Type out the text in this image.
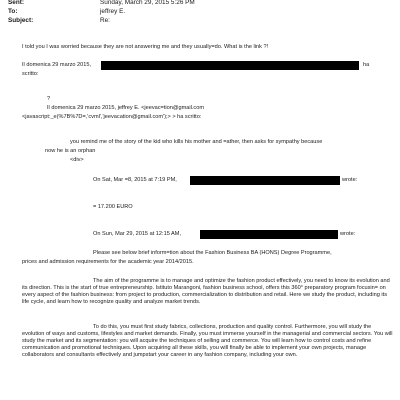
Sent:	Sunday, March 29, 2015 5:26 PM
To:	jeffrey E.
Subject:	Re:
I told you I was worried because they are not answering me and they usually=do. What is the link ?!
Il domenica 29 marzo 2015,	ha
scritto:
?
Il domenica 29 marzo 2015, jeffrey E. <jeevac=tion@gmail.com
<javascript:_e(%7B%7D=,'cvml','jeevacation@gmail.com');> > ha scritto:
you remind me of the story of the kid who kills his mother and =ather, then asks for sympathy because
now he is an orphan
<div>
On Sat, Mar =8, 2015 at 7:19 PM,	wrote:
= 17.200 EURO
On Sun, Mar 29, 2015 at 12:15 AM,	wrote:
Please see below brief inform=tion about the Fashion Business BA (HONS) Degree Programme,
prices and admission requirements for the academic year 2014/2015.
The aim of the programme is to manage and optimize the fashion product effectively, you need to know its evolution and its direction. This is the start of true entrepreneurship. Istituto Marangoni, fashion business school, offers this 360° preparatory program focusin= on every aspect of the fashion business: from project to production, commercialization to distribution and retail. Here we study the product, including its life cycle, and learn how to recognize quality and analyze market trends.
To do this, you must first study fabrics, collections, production and quality control. Furthermore, you will study the evolution of ways and customs, lifestyles and market demands. Finally, you must immerse yourself in the managerial and commercial sectors. You will study the market and its segmentation: you will acquire the techniques of selling and commerce. You will learn how to control costs and refine communication and promotional techniques. Upon acquiring all these skills, you will finally be able to implement your own projects, manage collaborators and consultants effectively and jumpstart your career in any fashion company, including your own.
